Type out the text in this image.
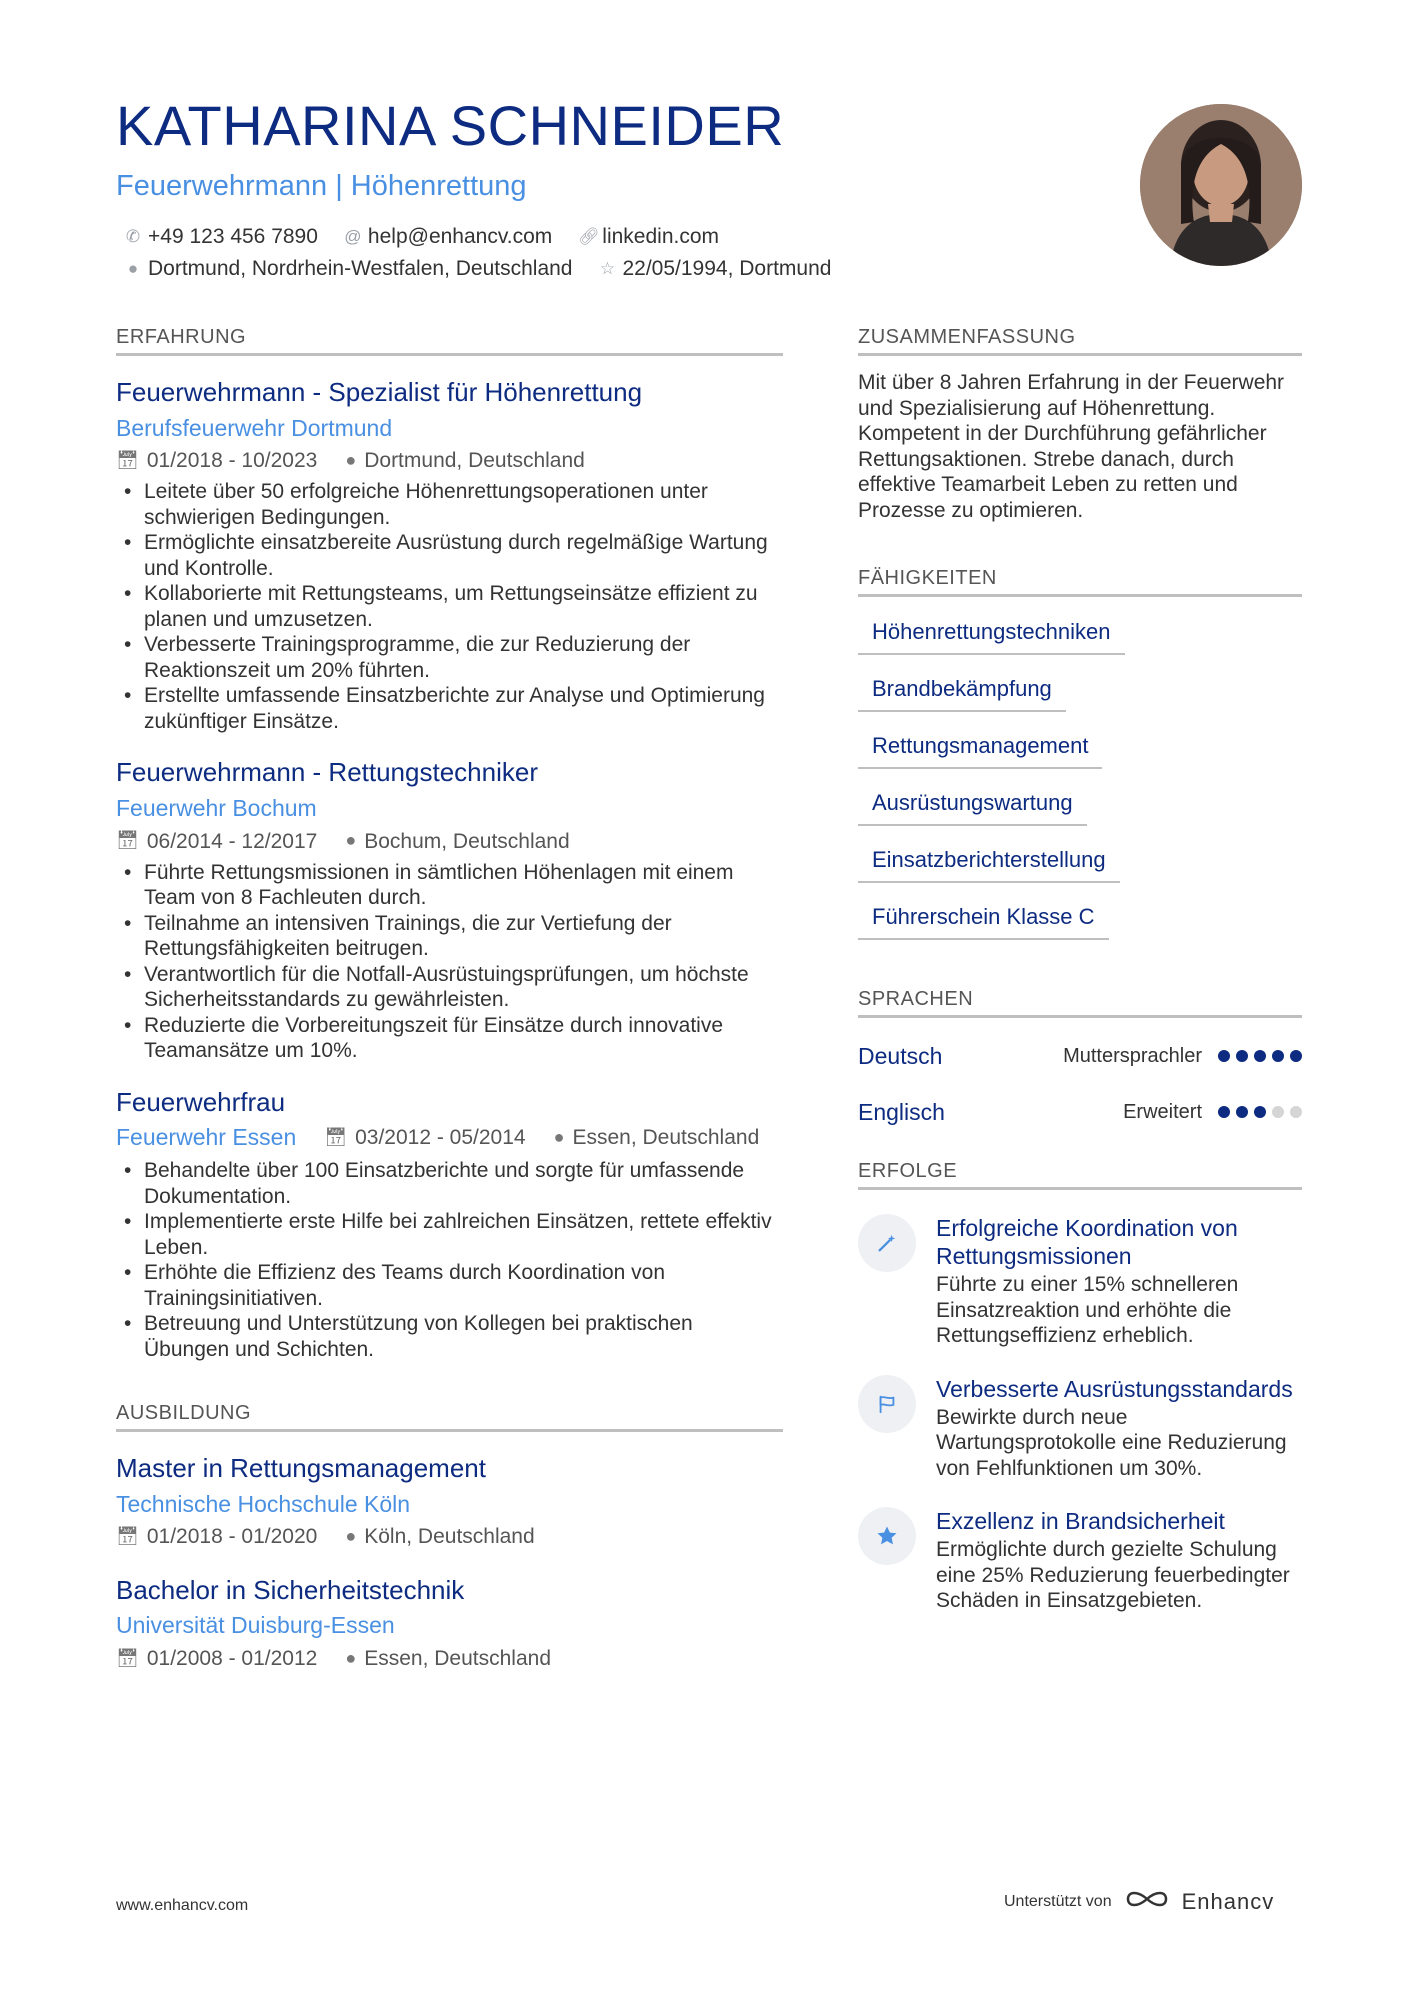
KATHARINA SCHNEIDER
Feuerwehrmann | Höhenrettung
✆ +49 123 456 7890 @ help@enhancv.com 🔗︎ linkedin.com
● Dortmund, Nordrhein-Westfalen, Deutschland ☆ 22/05/1994, Dortmund
ERFAHRUNG
Feuerwehrmann - Spezialist für Höhenrettung
Berufsfeuerwehr Dortmund
📅︎ 01/2018 - 10/2023 ● Dortmund, Deutschland
• Leitete über 50 erfolgreiche Höhenrettungsoperationen unter schwierigen Bedingungen.
• Ermöglichte einsatzbereite Ausrüstung durch regelmäßige Wartung und Kontrolle.
• Kollaborierte mit Rettungsteams, um Rettungseinsätze effizient zu planen und umzusetzen.
• Verbesserte Trainingsprogramme, die zur Reduzierung der Reaktionszeit um 20% führten.
• Erstellte umfassende Einsatzberichte zur Analyse und Optimierung zukünftiger Einsätze.
Feuerwehrmann - Rettungstechniker
Feuerwehr Bochum
📅︎ 06/2014 - 12/2017 ● Bochum, Deutschland
• Führte Rettungsmissionen in sämtlichen Höhenlagen mit einem Team von 8 Fachleuten durch.
• Teilnahme an intensiven Trainings, die zur Vertiefung der Rettungsfähigkeiten beitrugen.
• Verantwortlich für die Notfall-Ausrüstuingsprüfungen, um höchste Sicherheitsstandards zu gewährleisten.
• Reduzierte die Vorbereitungszeit für Einsätze durch innovative Teamansätze um 10%.
Feuerwehrfrau
Feuerwehr Essen 📅︎ 03/2012 - 05/2014 ● Essen, Deutschland
• Behandelte über 100 Einsatzberichte und sorgte für umfassende Dokumentation.
• Implementierte erste Hilfe bei zahlreichen Einsätzen, rettete effektiv Leben.
• Erhöhte die Effizienz des Teams durch Koordination von Trainingsinitiativen.
• Betreuung und Unterstützung von Kollegen bei praktischen Übungen und Schichten.
AUSBILDUNG
Master in Rettungsmanagement
Technische Hochschule Köln
📅︎ 01/2018 - 01/2020 ● Köln, Deutschland
Bachelor in Sicherheitstechnik
Universität Duisburg-Essen
📅︎ 01/2008 - 01/2012 ● Essen, Deutschland
ZUSAMMENFASSUNG
Mit über 8 Jahren Erfahrung in der Feuerwehr und Spezialisierung auf Höhenrettung. Kompetent in der Durchführung gefährlicher Rettungsaktionen. Strebe danach, durch effektive Teamarbeit Leben zu retten und Prozesse zu optimieren.
FÄHIGKEITEN
Höhenrettungstechniken
Brandbekämpfung
Rettungsmanagement
Ausrüstungswartung
Einsatzberichterstellung
Führerschein Klasse C
SPRACHEN
Deutsch	Muttersprachler
Englisch	Erweitert
ERFOLGE
Erfolgreiche Koordination von Rettungsmissionen
Führte zu einer 15% schnelleren Einsatzreaktion und erhöhte die Rettungseffizienz erheblich.
Verbesserte Ausrüstungsstandards
Bewirkte durch neue Wartungsprotokolle eine Reduzierung von Fehlfunktionen um 30%.
Exzellenz in Brandsicherheit
Ermöglichte durch gezielte Schulung eine 25% Reduzierung feuerbedingter Schäden in Einsatzgebieten.
www.enhancv.com	Unterstützt von	Enhancv
